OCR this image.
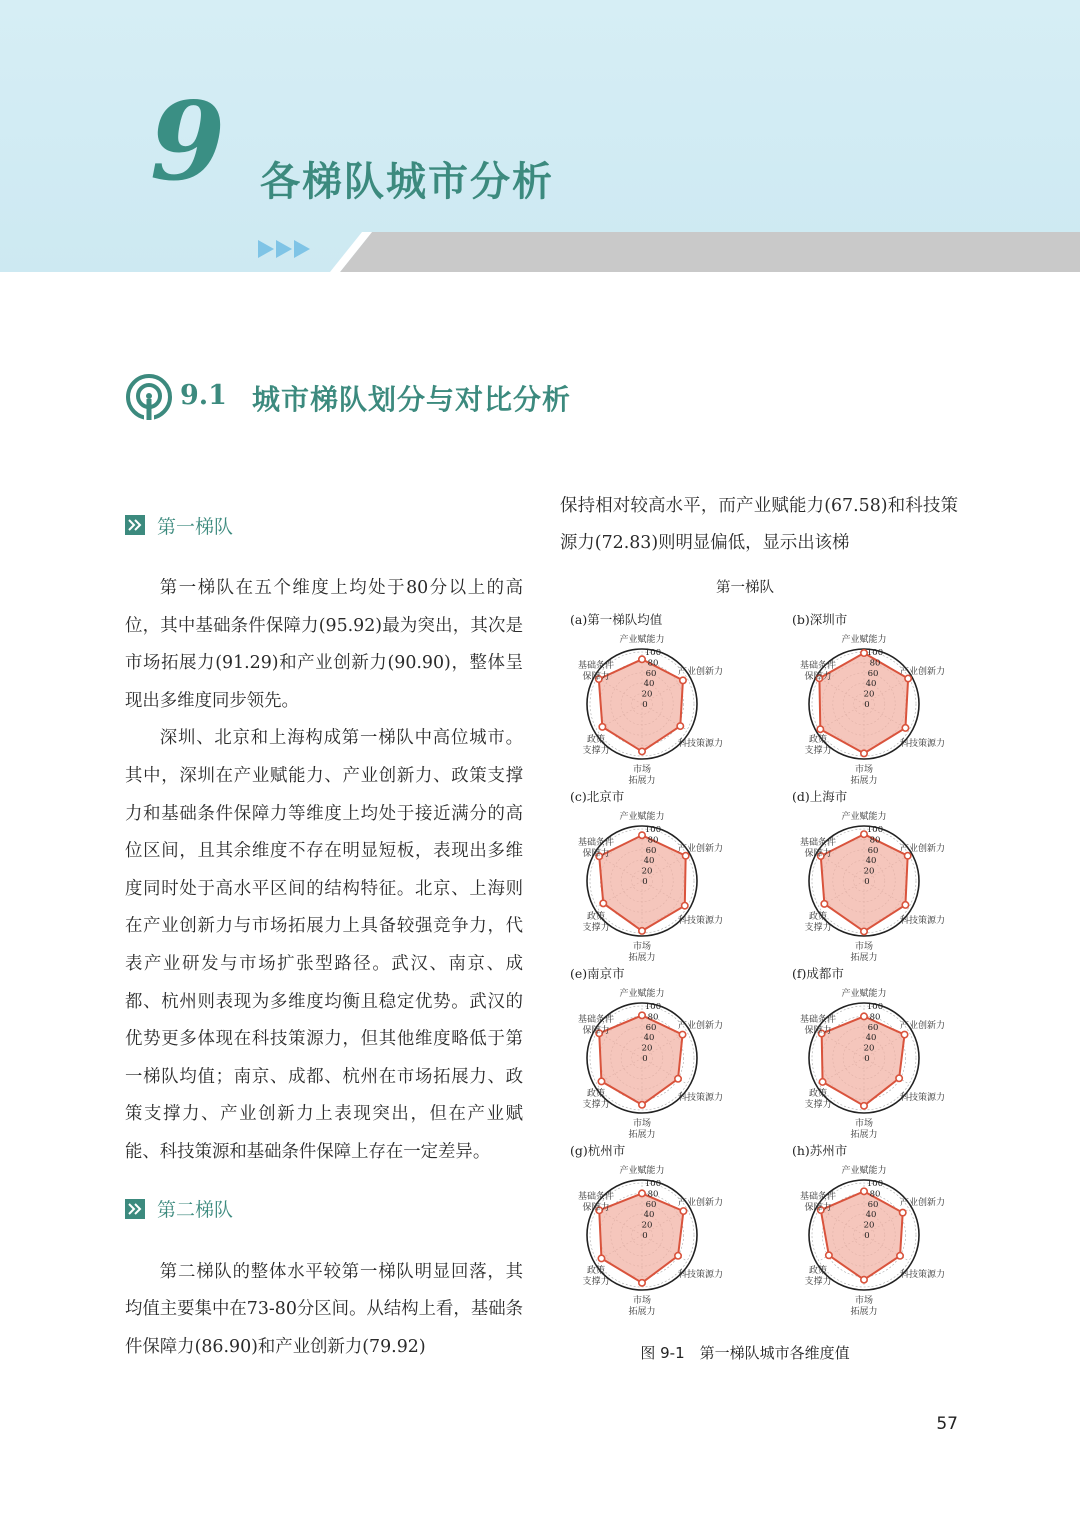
9 各梯队城市分析
9.1 城市梯队划分与对比分析
第一梯队

第一梯队在五个维度上均处于80分以上的高位，其中基础条件保障力(95.92)最为突出，其次是市场拓展力(91.29)和产业创新力(90.90)，整体呈现出多维度同步领先。

深圳、北京和上海构成第一梯队中高位城市。其中，深圳在产业赋能力、产业创新力、政策支撑力和基础条件保障力等维度上均处于接近满分的高位区间，且其余维度不存在明显短板，表现出多维度同时处于高水平区间的结构特征。北京、上海则在产业创新力与市场拓展力上具备较强竞争力，代表产业研发与市场扩张型路径。武汉、南京、成都、杭州则表现为多维度均衡且稳定优势。武汉的优势更多体现在科技策源力，但其他维度略低于第一梯队均值；南京、成都、杭州在市场拓展力、政策支撑力、产业创新力上表现突出，但在产业赋能、科技策源和基础条件保障上存在一定差异。

第二梯队

第二梯队的整体水平较第一梯队明显回落，其均值主要集中在73-80分区间。从结构上看，基础条件保障力(86.90)和产业创新力(79.92)

保持相对较高水平，而产业赋能力(67.58)和科技策源力(72.83)则明显偏低，显示出该梯

第一梯队
(a)第一梯队均值
0
20
40
60
80
100
产业赋能力
产业创新力
科技策源力
市场
拓展力
政策
支撑力
基础条件
保障力
(b)深圳市
0
20
40
60
80
100
产业赋能力
产业创新力
科技策源力
市场
拓展力
政策
支撑力
基础条件
保障力
(c)北京市
0
20
40
60
80
100
产业赋能力
产业创新力
科技策源力
市场
拓展力
政策
支撑力
基础条件
保障力
(d)上海市
0
20
40
60
80
100
产业赋能力
产业创新力
科技策源力
市场
拓展力
政策
支撑力
基础条件
保障力
(e)南京市
0
20
40
60
80
100
产业赋能力
产业创新力
科技策源力
市场
拓展力
政策
支撑力
基础条件
保障力
(f)成都市
0
20
40
60
80
100
产业赋能力
产业创新力
科技策源力
市场
拓展力
政策
支撑力
基础条件
保障力
(g)杭州市
0
20
40
60
80
100
产业赋能力
产业创新力
科技策源力
市场
拓展力
政策
支撑力
基础条件
保障力
(h)苏州市
0
20
40
60
80
100
产业赋能力
产业创新力
科技策源力
市场
拓展力
政策
支撑力
基础条件
保障力
图 9-1　第一梯队城市各维度值
57
